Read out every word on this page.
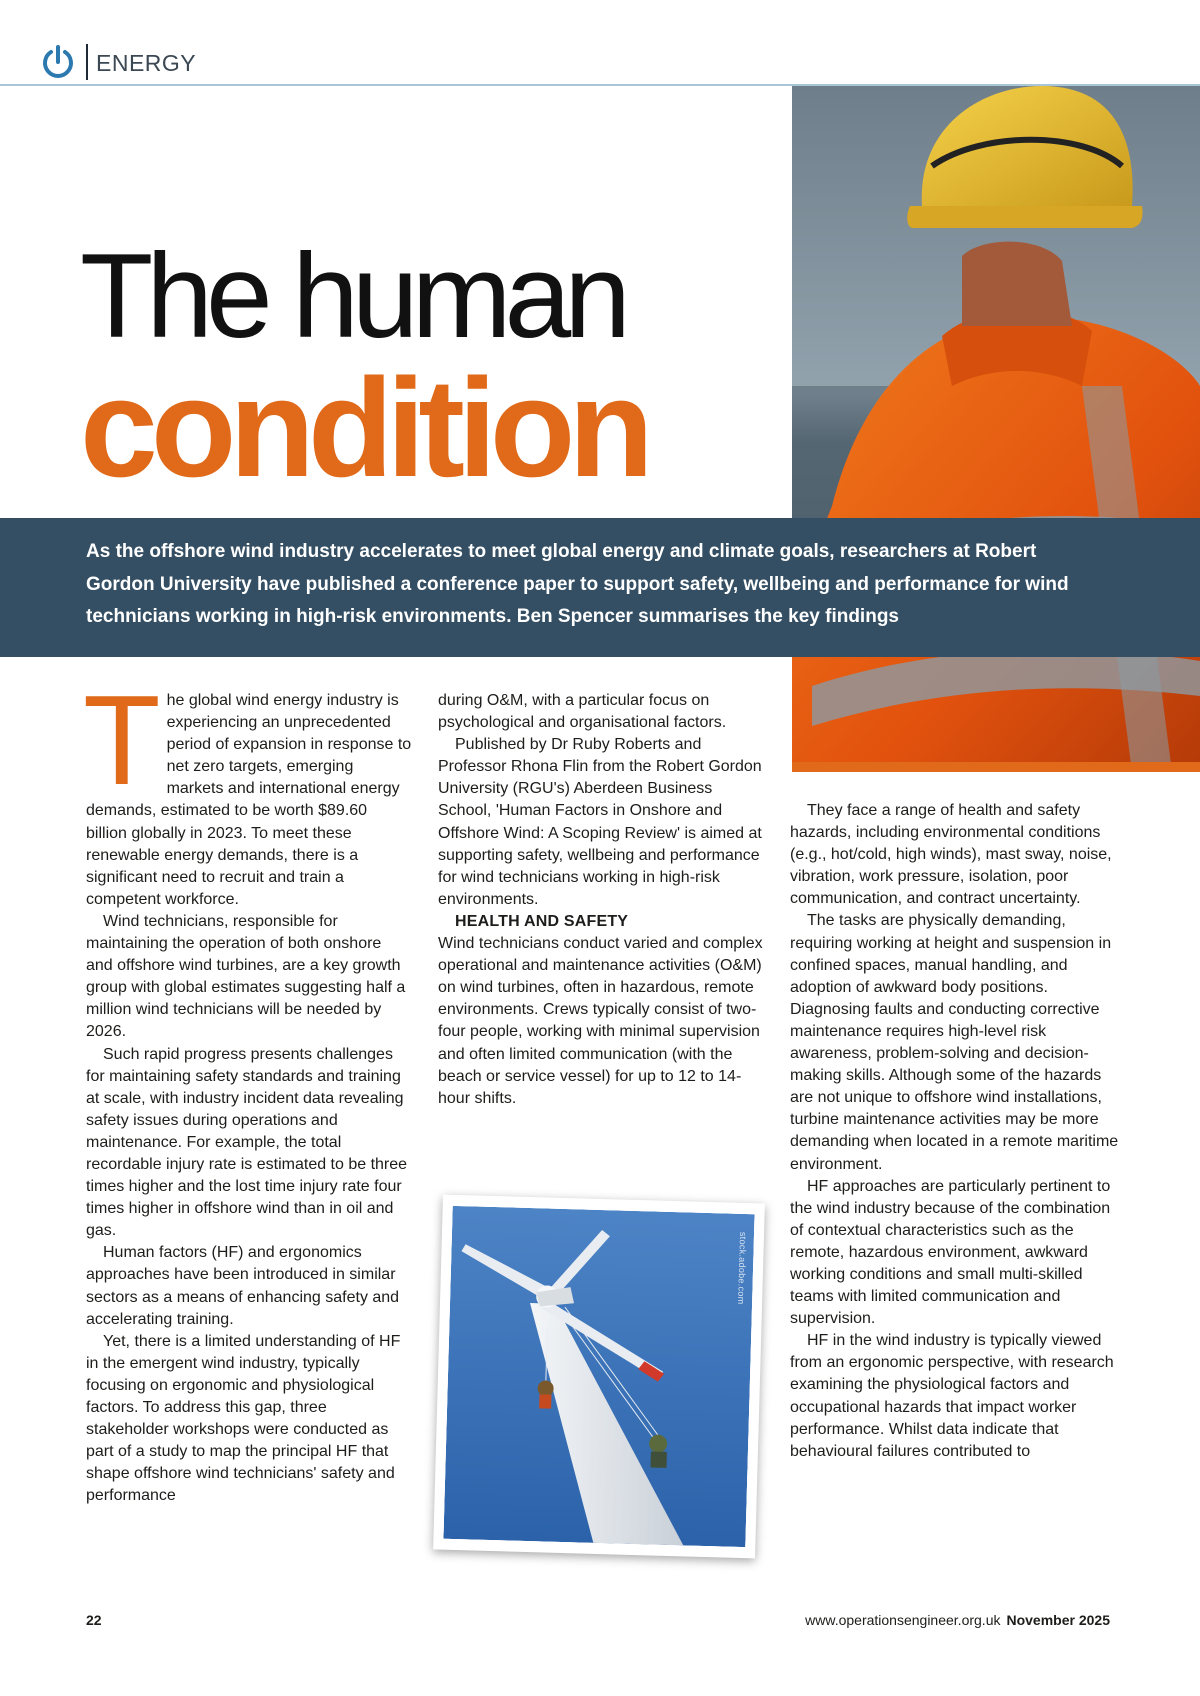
ENERGY
The human
condition
As the offshore wind industry accelerates to meet global energy and climate goals, researchers at Robert Gordon University have published a conference paper to support safety, wellbeing and performance for wind technicians working in high-risk environments. Ben Spencer summarises the key findings
T he global wind energy industry is experiencing an unprecedented period of expansion in response to net zero targets, emerging markets and international energy demands, estimated to be worth $89.60 billion globally in 2023. To meet these renewable energy demands, there is a significant need to recruit and train a competent workforce.

Wind technicians, responsible for maintaining the operation of both onshore and offshore wind turbines, are a key growth group with global estimates suggesting half a million wind technicians will be needed by 2026.

Such rapid progress presents challenges for maintaining safety standards and training at scale, with industry incident data revealing safety issues during operations and maintenance. For example, the total recordable injury rate is estimated to be three times higher and the lost time injury rate four times higher in offshore wind than in oil and gas.

Human factors (HF) and ergonomics approaches have been introduced in similar sectors as a means of enhancing safety and accelerating training.

Yet, there is a limited understanding of HF in the emergent wind industry, typically focusing on ergonomic and physiological factors. To address this gap, three stakeholder workshops were conducted as part of a study to map the principal HF that shape offshore wind technicians' safety and performance

during O&M, with a particular focus on psychological and organisational factors.

Published by Dr Ruby Roberts and Professor Rhona Flin from the Robert Gordon University (RGU's) Aberdeen Business School, 'Human Factors in Onshore and Offshore Wind: A Scoping Review' is aimed at supporting safety, wellbeing and performance for wind technicians working in high-risk environments.

HEALTH AND SAFETY

Wind technicians conduct varied and complex operational and maintenance activities (O&M) on wind turbines, often in hazardous, remote environments. Crews typically consist of two-four people, working with minimal supervision and often limited communication (with the beach or service vessel) for up to 12 to 14-hour shifts.

stock.adobe.com

They face a range of health and safety hazards, including environmental conditions (e.g., hot/cold, high winds), mast sway, noise, vibration, work pressure, isolation, poor communication, and contract uncertainty.

The tasks are physically demanding, requiring working at height and suspension in confined spaces, manual handling, and adoption of awkward body positions. Diagnosing faults and conducting corrective maintenance requires high-level risk awareness, problem-solving and decision-making skills. Although some of the hazards are not unique to offshore wind installations, turbine maintenance activities may be more demanding when located in a remote maritime environment.

HF approaches are particularly pertinent to the wind industry because of the combination of contextual characteristics such as the remote, hazardous environment, awkward working conditions and small multi-skilled teams with limited communication and supervision.

HF in the wind industry is typically viewed from an ergonomic perspective, with research examining the physiological factors and occupational hazards that impact worker performance. Whilst data indicate that behavioural failures contributed to

22	www.operationsengineer.org.uk November 2025
